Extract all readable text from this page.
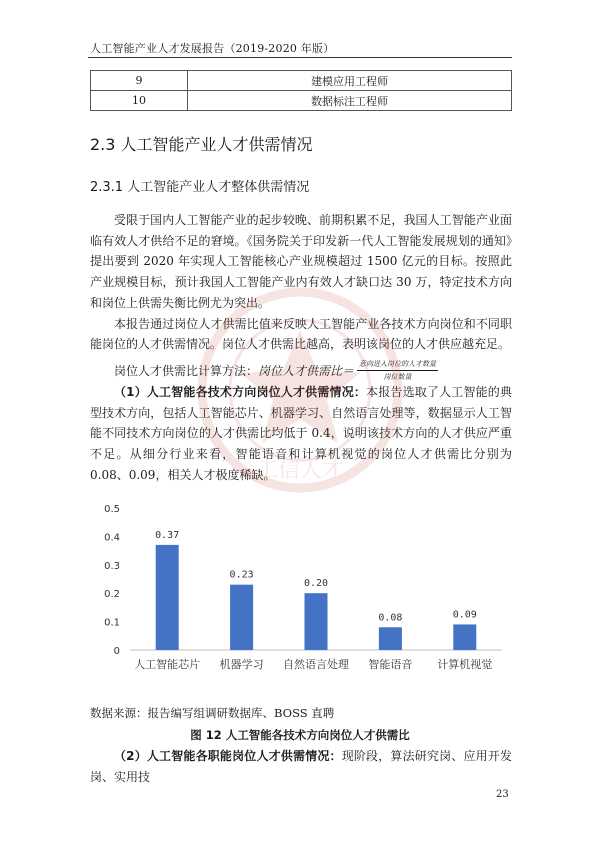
人工智能产业人才发展报告（2019-2020 年版）
9	建模应用工程师
10	数据标注工程师
2.3 人工智能产业人才供需情况
2.3.1 人工智能产业人才整体供需情况

受限于国内人工智能产业的起步较晚、前期积累不足，我国人工智能产业面临有效人才供给不足的窘境。《国务院关于印发新一代人工智能发展规划的通知》提出要到 2020 年实现人工智能核心产业规模超过 1500 亿元的目标。按照此产业规模目标，预计我国人工智能产业内有效人才缺口达 30 万，特定技术方向和岗位上供需失衡比例尤为突出。

本报告通过岗位人才供需比值来反映人工智能产业各技术方向岗位和不同职能岗位的人才供需情况。岗位人才供需比越高，表明该岗位的人才供应越充足。

岗位人才供需比计算方法： 岗位人才供需比＝ $\frac{\text{意向进入岗位的人才数量}}{\text{岗位数量}}$

（1）人工智能各技术方向岗位人才供需情况：本报告选取了人工智能的典型技术方向，包括人工智能芯片、机器学习、自然语言处理等，数据显示人工智能不同技术方向岗位的人才供需比均低于 0.4，说明该技术方向的人才供应严重不足。从细分行业来看，智能语音和计算机视觉的岗位人才供需比分别为 0.08、0.09，相关人才极度稀缺。

0
0.1
0.2
0.3
0.4
0.5
0.37
人工智能芯片
0.23
机器学习
0.20
自然语言处理
0.08
智能语音
0.09
计算机视觉
数据来源：报告编写组调研数据库、BOSS 直聘
图 12 人工智能各技术方向岗位人才供需比

（2）人工智能各职能岗位人才供需情况：现阶段，算法研究岗、应用开发岗、实用技

23
工信人才
